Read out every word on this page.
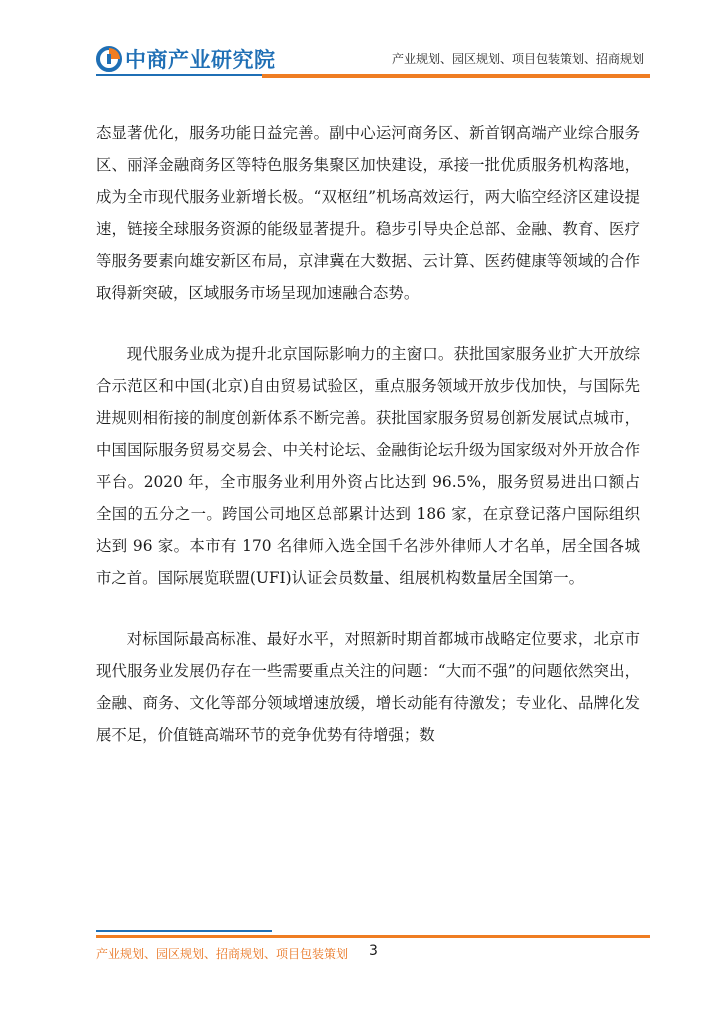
中商产业研究院	产业规划、园区规划、项目包装策划、招商规划

态显著优化，服务功能日益完善。副中心运河商务区、新首钢高端产业综合服务区、丽泽金融商务区等特色服务集聚区加快建设，承接一批优质服务机构落地，成为全市现代服务业新增长极。“双枢纽”机场高效运行，两大临空经济区建设提速，链接全球服务资源的能级显著提升。稳步引导央企总部、金融、教育、医疗等服务要素向雄安新区布局，京津冀在大数据、云计算、医药健康等领域的合作取得新突破，区域服务市场呈现加速融合态势。

现代服务业成为提升北京国际影响力的主窗口。获批国家服务业扩大开放综合示范区和中国(北京)自由贸易试验区，重点服务领域开放步伐加快，与国际先进规则相衔接的制度创新体系不断完善。获批国家服务贸易创新发展试点城市，中国国际服务贸易交易会、中关村论坛、金融街论坛升级为国家级对外开放合作平台。2020 年，全市服务业利用外资占比达到 96.5%，服务贸易进出口额占全国的五分之一。跨国公司地区总部累计达到 186 家，在京登记落户国际组织达到 96 家。本市有 170 名律师入选全国千名涉外律师人才名单，居全国各城市之首。国际展览联盟(UFI)认证会员数量、组展机构数量居全国第一。

对标国际最高标准、最好水平，对照新时期首都城市战略定位要求，北京市现代服务业发展仍存在一些需要重点关注的问题：“大而不强”的问题依然突出，金融、商务、文化等部分领域增速放缓，增长动能有待激发；专业化、品牌化发展不足，价值链高端环节的竞争优势有待增强；数

产业规划、园区规划、招商规划、项目包装策划 3
